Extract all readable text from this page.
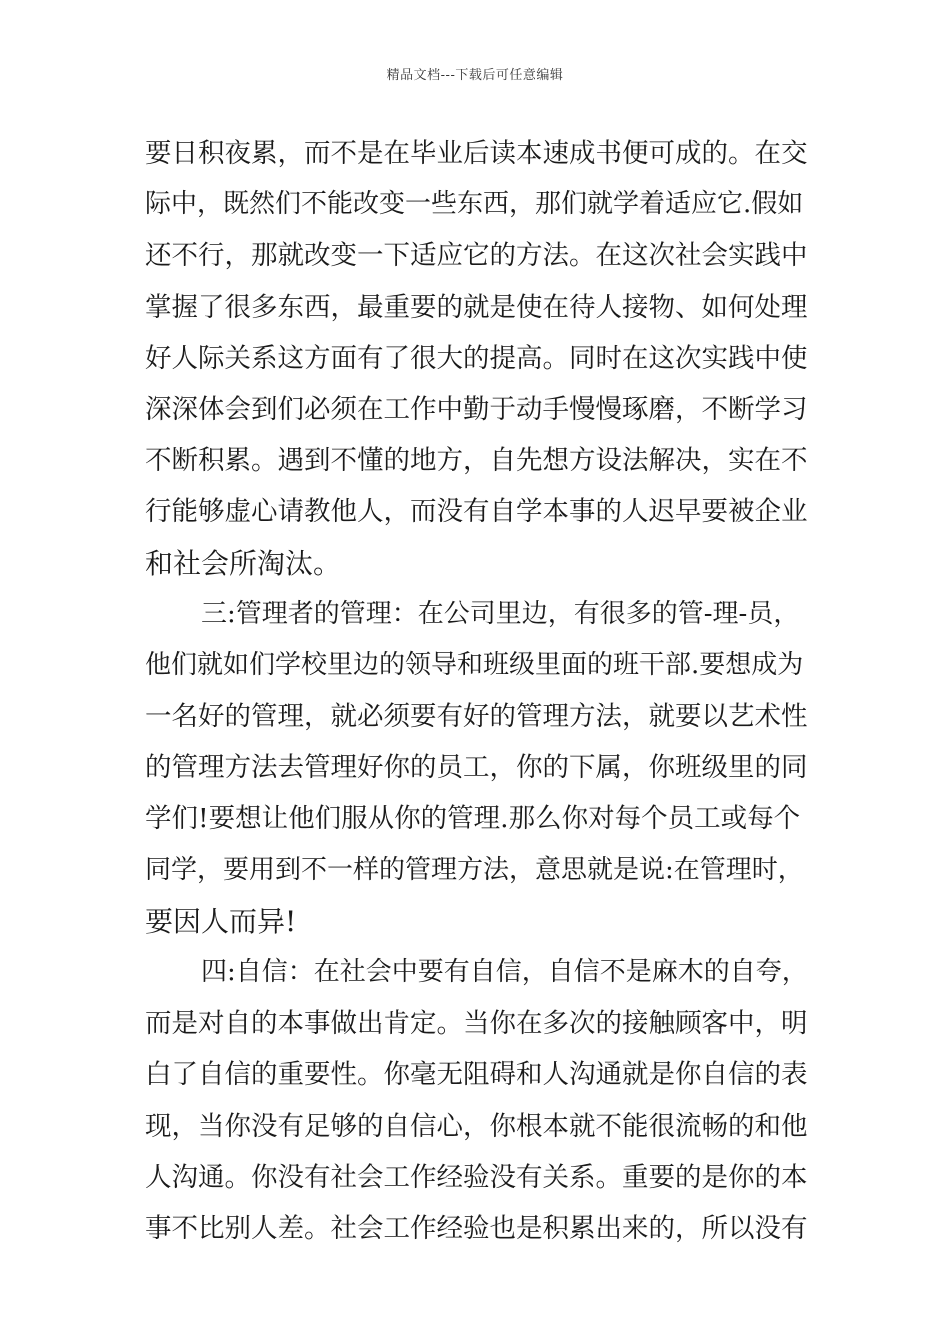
精品文档---下载后可任意编辑
要日积夜累，而不是在毕业后读本速成书便可成的。在交
际中，既然们不能改变一些东西，那们就学着适应它.假如
还不行，那就改变一下适应它的方法。在这次社会实践中
掌握了很多东西，最重要的就是使在待人接物、如何处理
好人际关系这方面有了很大的提高。同时在这次实践中使
深深体会到们必须在工作中勤于动手慢慢琢磨，不断学习
不断积累。遇到不懂的地方，自先想方设法解决，实在不
行能够虚心请教他人，而没有自学本事的人迟早要被企业
和社会所淘汰。
三:管理者的管理：在公司里边，有很多的管-理-员，
他们就如们学校里边的领导和班级里面的班干部.要想成为
一名好的管理，就必须要有好的管理方法，就要以艺术性
的管理方法去管理好你的员工，你的下属，你班级里的同
学们!要想让他们服从你的管理.那么你对每个员工或每个
同学，要用到不一样的管理方法，意思就是说:在管理时，
要因人而异!
四:自信：在社会中要有自信，自信不是麻木的自夸，
而是对自的本事做出肯定。当你在多次的接触顾客中，明
白了自信的重要性。你毫无阻碍和人沟通就是你自信的表
现，当你没有足够的自信心，你根本就不能很流畅的和他
人沟通。你没有社会工作经验没有关系。重要的是你的本
事不比别人差。社会工作经验也是积累出来的，所以没有
